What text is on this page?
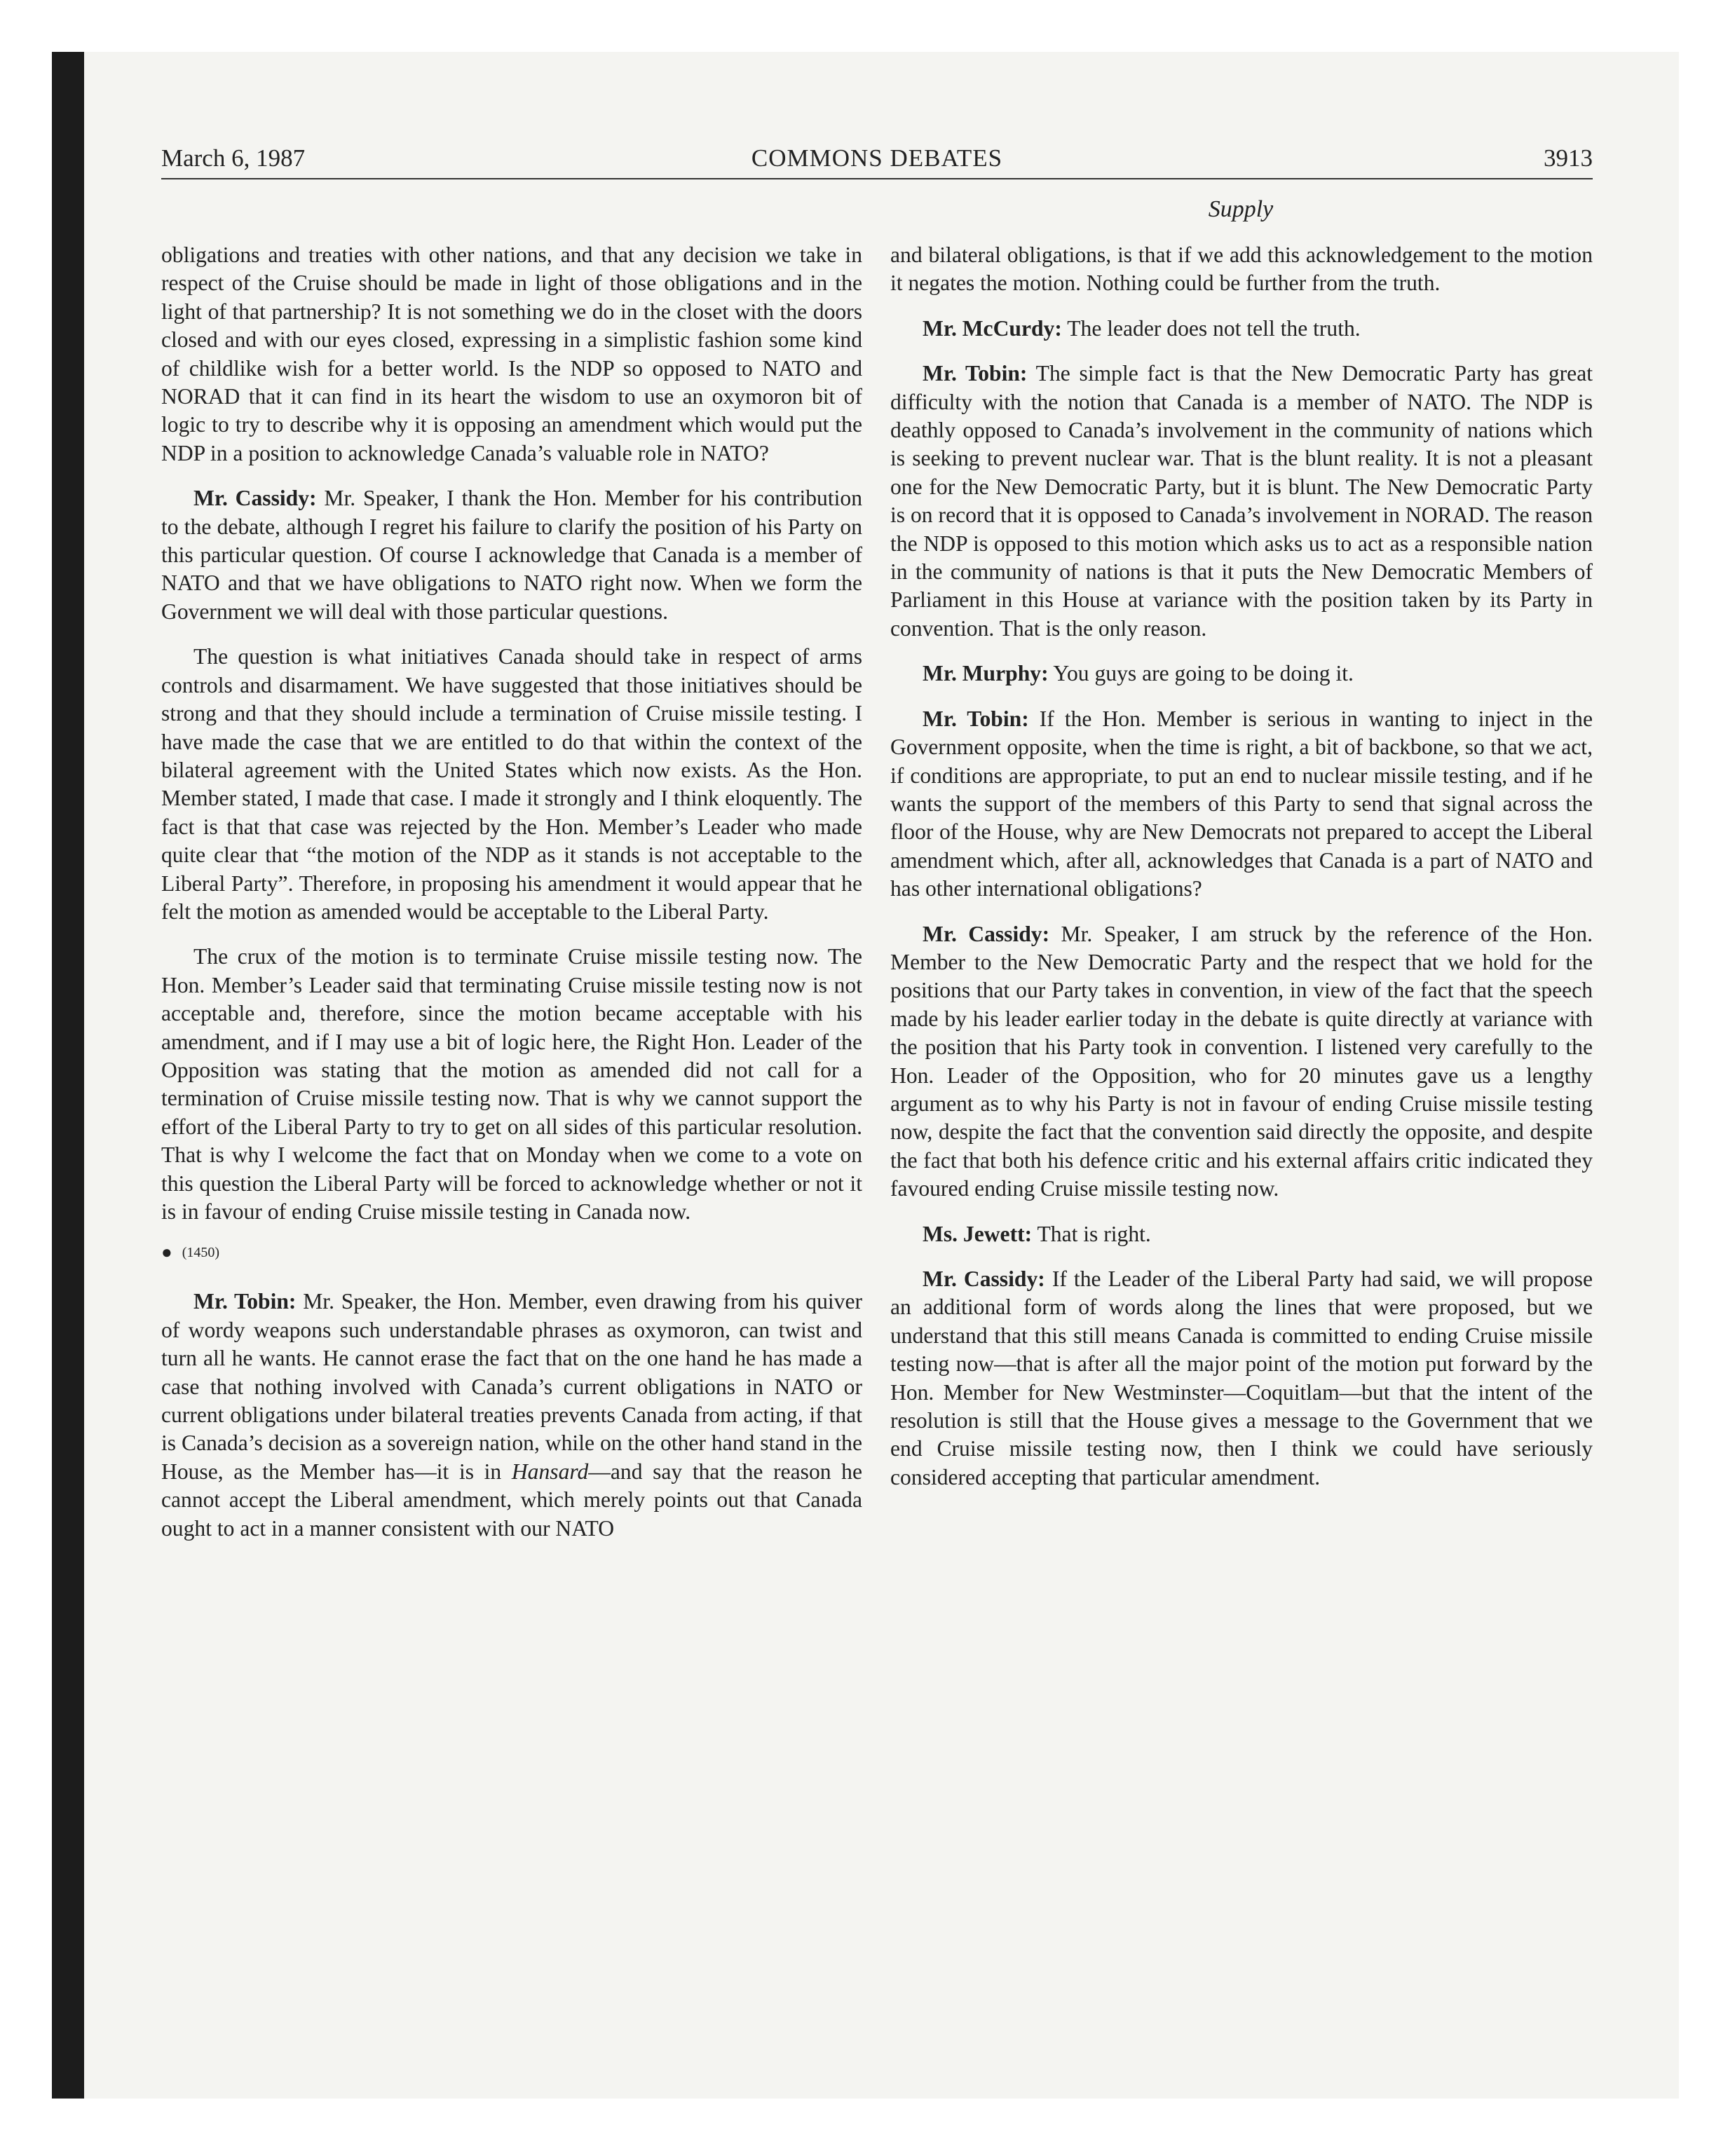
COMMONS DEBATES
March 6, 1987	3913
Supply

obligations and treaties with other nations, and that any decision we take in respect of the Cruise should be made in light of those obligations and in the light of that partnership? It is not something we do in the closet with the doors closed and with our eyes closed, expressing in a simplistic fashion some kind of childlike wish for a better world. Is the NDP so opposed to NATO and NORAD that it can find in its heart the wisdom to use an oxymoron bit of logic to try to describe why it is opposing an amendment which would put the NDP in a position to acknowledge Canada’s valuable role in NATO?

Mr. Cassidy: Mr. Speaker, I thank the Hon. Member for his contribution to the debate, although I regret his failure to clarify the position of his Party on this particular question. Of course I acknowledge that Canada is a member of NATO and that we have obligations to NATO right now. When we form the Government we will deal with those particular questions.

The question is what initiatives Canada should take in respect of arms controls and disarmament. We have suggested that those initiatives should be strong and that they should include a termination of Cruise missile testing. I have made the case that we are entitled to do that within the context of the bilateral agreement with the United States which now exists. As the Hon. Member stated, I made that case. I made it strongly and I think eloquently. The fact is that that case was rejected by the Hon. Member’s Leader who made quite clear that “the motion of the NDP as it stands is not acceptable to the Liberal Party”. Therefore, in proposing his amendment it would appear that he felt the motion as amended would be acceptable to the Liberal Party.

The crux of the motion is to terminate Cruise missile testing now. The Hon. Member’s Leader said that terminating Cruise missile testing now is not acceptable and, therefore, since the motion became acceptable with his amendment, and if I may use a bit of logic here, the Right Hon. Leader of the Opposition was stating that the motion as amended did not call for a termination of Cruise missile testing now. That is why we cannot support the effort of the Liberal Party to try to get on all sides of this particular resolution. That is why I welcome the fact that on Monday when we come to a vote on this question the Liberal Party will be forced to acknowledge whether or not it is in favour of ending Cruise missile testing in Canada now.

● (1450)

Mr. Tobin: Mr. Speaker, the Hon. Member, even drawing from his quiver of wordy weapons such understandable phrases as oxymoron, can twist and turn all he wants. He cannot erase the fact that on the one hand he has made a case that nothing involved with Canada’s current obligations in NATO or current obligations under bilateral treaties prevents Canada from acting, if that is Canada’s decision as a sovereign nation, while on the other hand stand in the House, as the Member has—it is in Hansard—and say that the reason he cannot accept the Liberal amendment, which merely points out that Canada ought to act in a manner consistent with our NATO

and bilateral obligations, is that if we add this acknowledgement to the motion it negates the motion. Nothing could be further from the truth.

Mr. McCurdy: The leader does not tell the truth.

Mr. Tobin: The simple fact is that the New Democratic Party has great difficulty with the notion that Canada is a member of NATO. The NDP is deathly opposed to Canada’s involvement in the community of nations which is seeking to prevent nuclear war. That is the blunt reality. It is not a pleasant one for the New Democratic Party, but it is blunt. The New Democratic Party is on record that it is opposed to Canada’s involvement in NORAD. The reason the NDP is opposed to this motion which asks us to act as a responsible nation in the community of nations is that it puts the New Democratic Members of Parliament in this House at variance with the position taken by its Party in convention. That is the only reason.

Mr. Murphy: You guys are going to be doing it.

Mr. Tobin: If the Hon. Member is serious in wanting to inject in the Government opposite, when the time is right, a bit of backbone, so that we act, if conditions are appropriate, to put an end to nuclear missile testing, and if he wants the support of the members of this Party to send that signal across the floor of the House, why are New Democrats not prepared to accept the Liberal amendment which, after all, acknowledges that Canada is a part of NATO and has other international obligations?

Mr. Cassidy: Mr. Speaker, I am struck by the reference of the Hon. Member to the New Democratic Party and the respect that we hold for the positions that our Party takes in convention, in view of the fact that the speech made by his leader earlier today in the debate is quite directly at variance with the position that his Party took in convention. I listened very carefully to the Hon. Leader of the Opposition, who for 20 minutes gave us a lengthy argument as to why his Party is not in favour of ending Cruise missile testing now, despite the fact that the convention said directly the opposite, and despite the fact that both his defence critic and his external affairs critic indicated they favoured ending Cruise missile testing now.

Ms. Jewett: That is right.

Mr. Cassidy: If the Leader of the Liberal Party had said, we will propose an additional form of words along the lines that were proposed, but we understand that this still means Canada is committed to ending Cruise missile testing now—that is after all the major point of the motion put forward by the Hon. Member for New Westminster—Coquitlam—but that the intent of the resolution is still that the House gives a message to the Government that we end Cruise missile testing now, then I think we could have seriously considered accepting that particular amendment.
